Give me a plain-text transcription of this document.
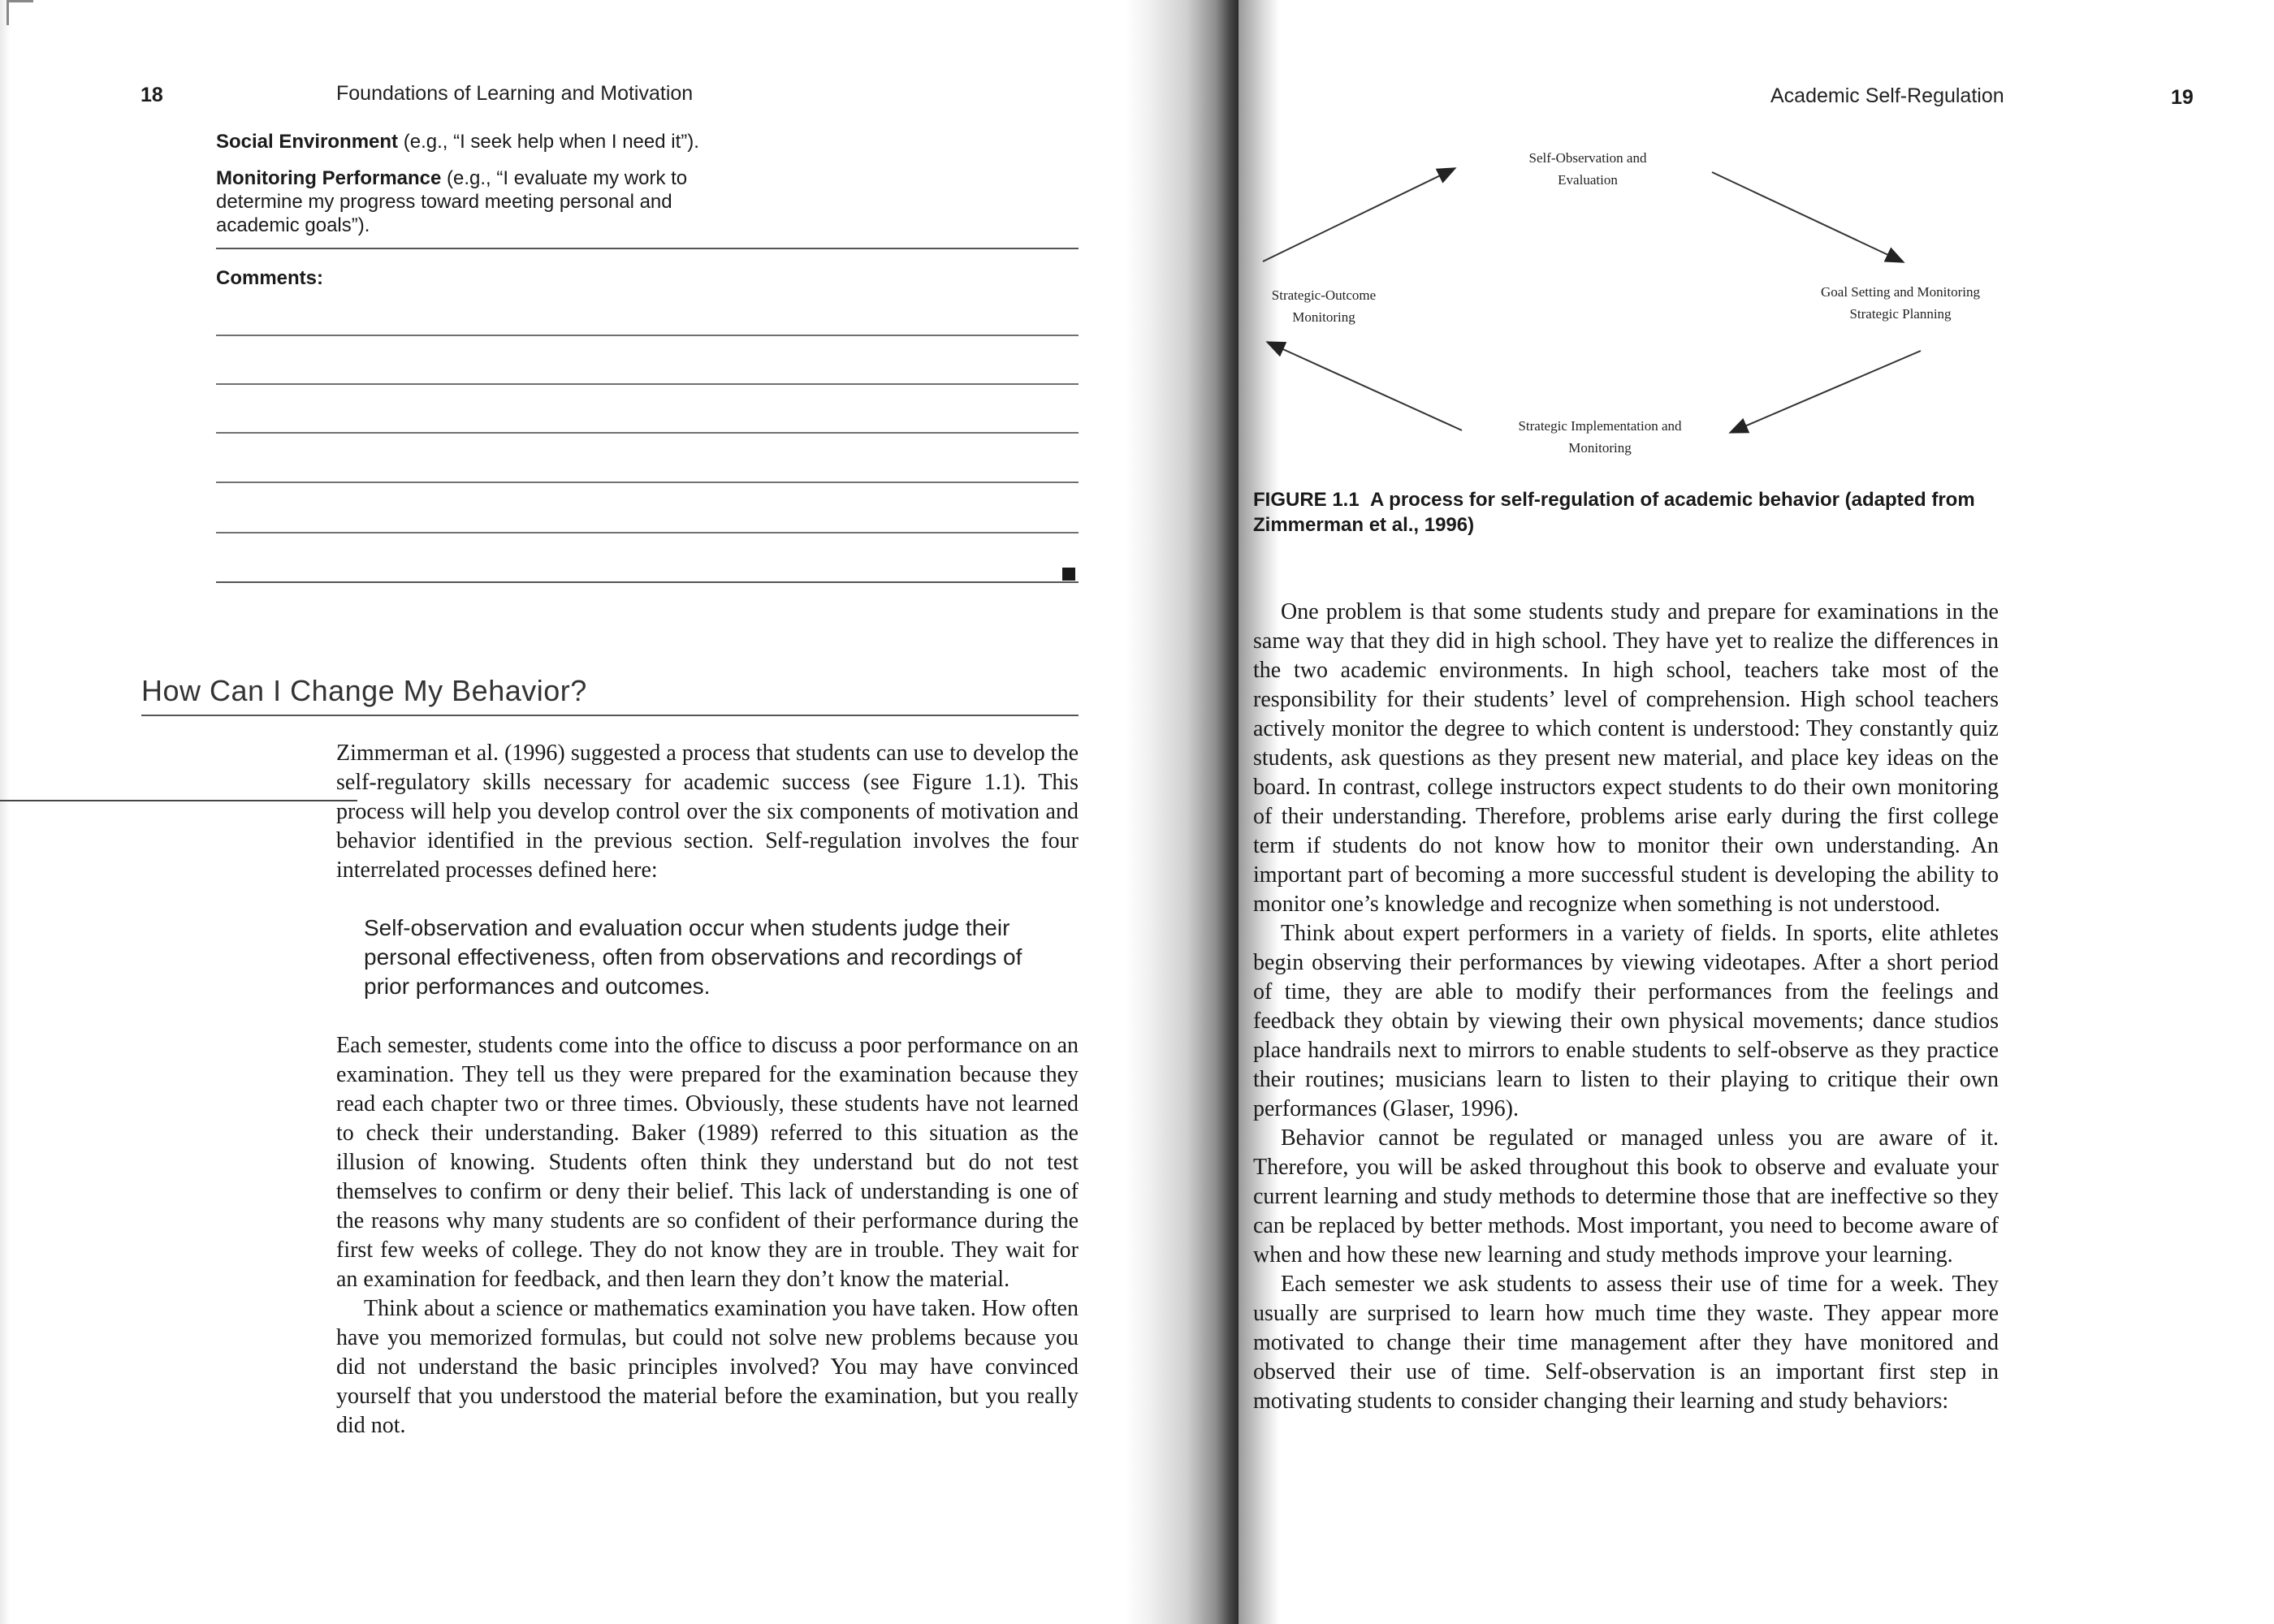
18	Foundations of Learning and Motivation
Social Environment (e.g., “I seek help when I need it”).
Monitoring Performance (e.g., “I evaluate my work to determine my progress toward meeting personal and academic goals”).
Comments:
How Can I Change My Behavior?
Zimmerman et al. (1996) suggested a process that students can use to develop the self-regulatory skills necessary for academic success (see Figure 1.1). This process will help you develop control over the six components of motivation and behavior identified in the previous section. Self-regulation involves the four interrelated processes defined here:
Self-observation and evaluation occur when students judge their personal effectiveness, often from observations and recordings of prior performances and outcomes.

Each semester, students come into the office to discuss a poor performance on an examination. They tell us they were prepared for the examination because they read each chapter two or three times. Obviously, these students have not learned to check their understanding. Baker (1989) referred to this situation as the illusion of knowing. Students often think they understand but do not test themselves to confirm or deny their belief. This lack of understanding is one of the reasons why many students are so confident of their performance during the first few weeks of college. They do not know they are in trouble. They wait for an examination for feedback, and then learn they don’t know the material.

Think about a science or mathematics examination you have taken. How often have you memorized formulas, but could not solve new problems because you did not understand the basic principles involved? You may have convinced yourself that you understood the material before the examination, but you really did not.

Academic Self-Regulation	19
Self-Observation and
Evaluation
Goal Setting and Monitoring
Strategic Planning
Strategic Implementation and
Monitoring
Strategic-Outcome
Monitoring
FIGURE 1.1 A process for self-regulation of academic behavior (adapted from Zimmerman et al., 1996)

One problem is that some students study and prepare for examinations in the same way that they did in high school. They have yet to realize the differences in the two academic environments. In high school, teachers take most of the responsibility for their students’ level of comprehension. High school teachers actively monitor the degree to which content is understood: They constantly quiz students, ask questions as they present new material, and place key ideas on the board. In contrast, college instructors expect students to do their own monitoring of their understanding. Therefore, problems arise early during the first college term if students do not know how to monitor their own understanding. An important part of becoming a more successful student is developing the ability to monitor one’s knowledge and recognize when something is not understood.

Think about expert performers in a variety of fields. In sports, elite athletes begin observing their performances by viewing videotapes. After a short period of time, they are able to modify their performances from the feelings and feedback they obtain by viewing their own physical movements; dance studios place handrails next to mirrors to enable students to self-observe as they practice their routines; musicians learn to listen to their playing to critique their own performances (Glaser, 1996).

Behavior cannot be regulated or managed unless you are aware of it. Therefore, you will be asked throughout this book to observe and evaluate your current learning and study methods to determine those that are ineffective so they can be replaced by better methods. Most important, you need to become aware of when and how these new learning and study methods improve your learning.

Each semester we ask students to assess their use of time for a week. They usually are surprised to learn how much time they waste. They appear more motivated to change their time management after they have monitored and observed their use of time. Self-observation is an important first step in motivating students to consider changing their learning and study behaviors:
